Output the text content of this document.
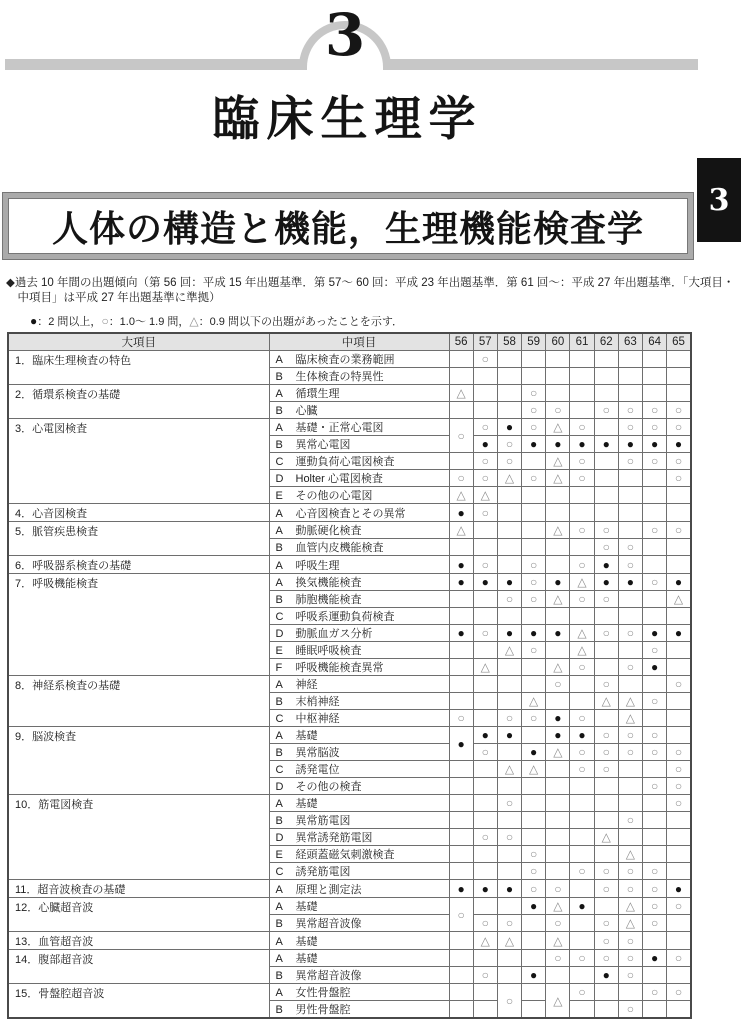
3
臨床生理学
3
人体の構造と機能，生理機能検査学
◆過去 10 年間の出題傾向（第 56 回：平成 15 年出題基準．第 57～ 60 回：平成 23 年出題基準．第 61 回～：平成 27 年出題基準．「大項目・中項目」は平成 27 年出題基準に準拠）
●：2 問以上，○：1.0～ 1.9 問，△：0.9 問以下の出題があったことを示す．
大項目	中項目	56	57	58	59	60	61	62	63	64	65
1．臨床生理検査の特色	A 臨床検査の業務範囲		○								
	B 生体検査の特異性										
2．循環系検査の基礎	A 循環生理	△			○						
	B 心臓				○	○		○	○	○	○
3．心電図検査	A 基礎・正常心電図	○	○	●	○	△	○		○	○	○
	B 異常心電図		●	○	●	●	●	●	●	●	●
	C 運動負荷心電図検査		○	○		△	○		○	○	○
	D Holter 心電図検査	○	○	△	○	△	○				○
	E その他の心電図	△	△								
4．心音図検査	A 心音図検査とその異常	●	○								
5．脈管疾患検査	A 動脈硬化検査	△				△	○	○		○	○
	B 血管内皮機能検査							○	○		
6．呼吸器系検査の基礎	A 呼吸生理	●	○		○		○	●	○		
7．呼吸機能検査	A 換気機能検査	●	●	●	○	●	△	●	●	○	●
	B 肺胞機能検査			○	○	△	○	○			△
	C 呼吸系運動負荷検査										
	D 動脈血ガス分析	●	○	●	●	●	△	○	○	●	●
	E 睡眠呼吸検査			△	○		△			○	
	F 呼吸機能検査異常		△			△	○		○	●	
8．神経系検査の基礎	A 神経					○		○			○
	B 末梢神経				△			△	△	○	
	C 中枢神経	○		○	○	●	○		△		
9．脳波検査	A 基礎	●	●	●		●	●	○	○	○	
	B 異常脳波		○		●	△	○	○	○	○	○
	C 誘発電位			△	△		○	○			○
	D その他の検査									○	○
10．筋電図検査	A 基礎			○							○
	B 異常筋電図								○		
	D 異常誘発筋電図		○	○				△			
	E 経頭蓋磁気刺激検査				○				△		
	C 誘発筋電図				○		○	○	○	○	
11．超音波検査の基礎	A 原理と測定法	●	●	●	○	○		○	○	○	●
12．心臓超音波	A 基礎	○			●	△	●		△	○	○
	B 異常超音波像		○	○		○		○	△	○	
13．血管超音波	A 基礎		△	△		△		○	○		
14．腹部超音波	A 基礎					○	○	○	○	●	○
	B 異常超音波像		○		●			●	○		
15．骨盤腔超音波	A 女性骨盤腔			○		△	○			○	○
	B 男性骨盤腔								○		
